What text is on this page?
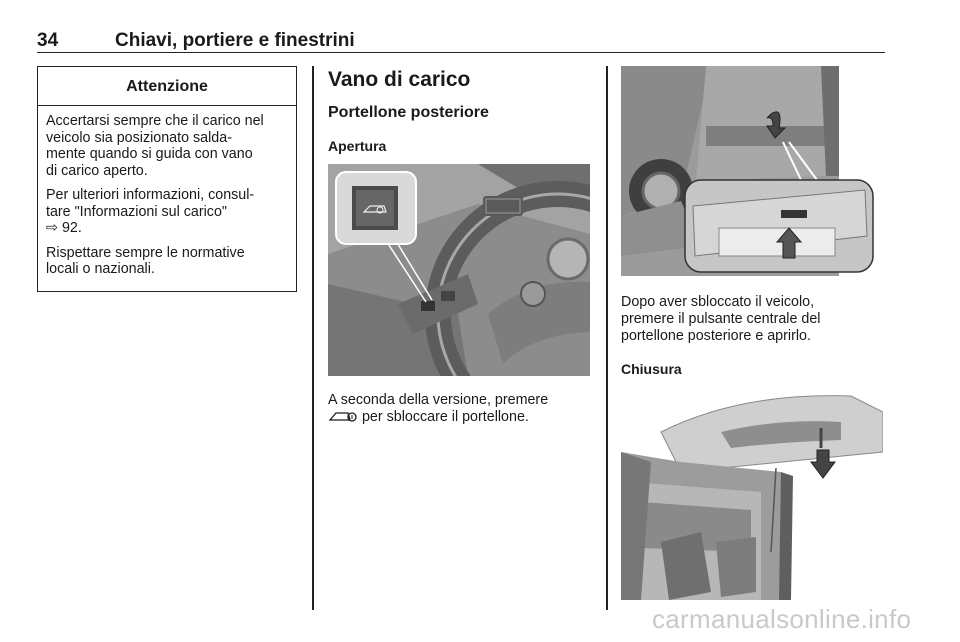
34	Chiavi, portiere e finestrini
Attenzione

Accertarsi sempre che il carico nel
veicolo sia posizionato salda-
mente quando si guida con vano
di carico aperto.

Per ulteriori informazioni, consul-
tare "Informazioni sul carico"
⇨ 92.

Rispettare sempre le normative
locali o nazionali.

Vano di carico
Portellone posteriore
Apertura
A seconda della versione, premere
per sbloccare il portellone.
Dopo aver sbloccato il veicolo,
premere il pulsante centrale del
portellone posteriore e aprirlo.
Chiusura
carmanualsonline.info
